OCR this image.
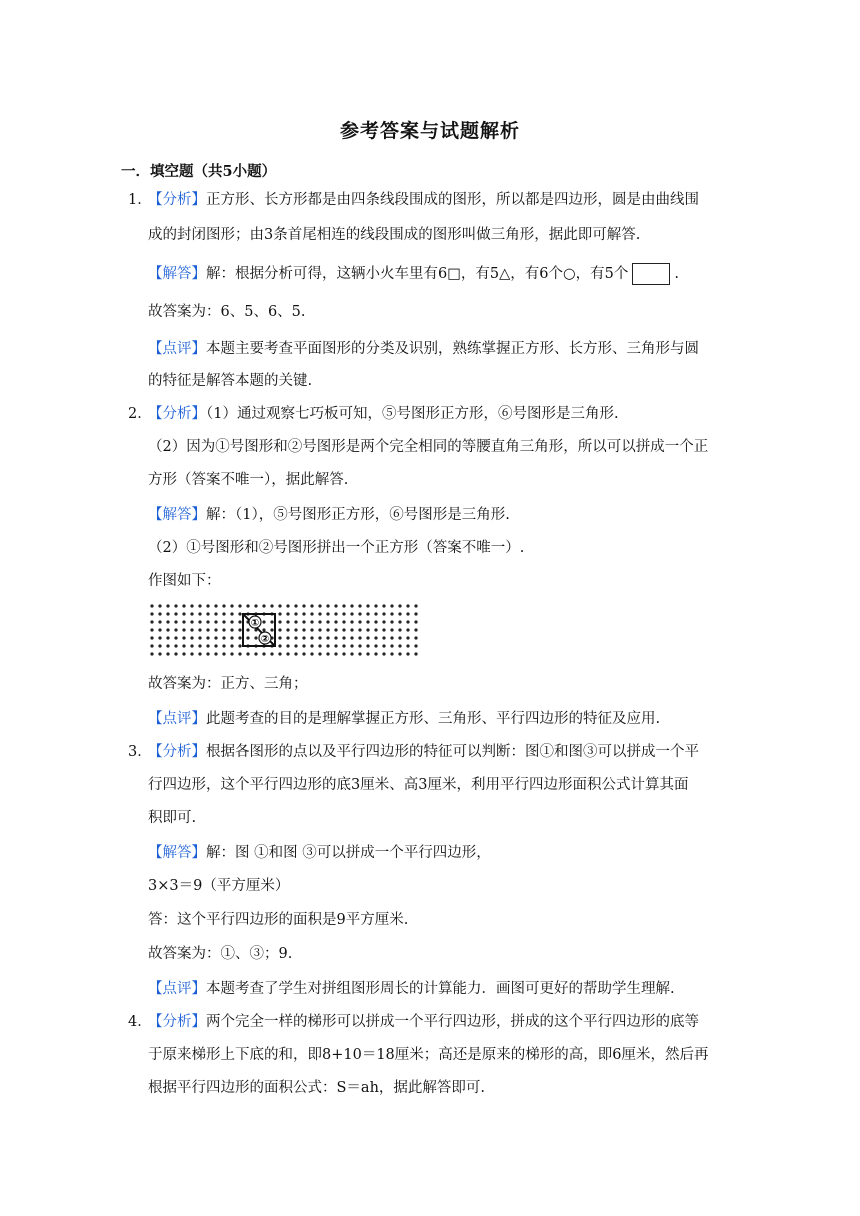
参考答案与试题解析
一．填空题（共5小题）
1．【分析】正方形、长方形都是由四条线段围成的图形，所以都是四边形，圆是由曲线围
成的封闭图形；由3条首尾相连的线段围成的图形叫做三角形，据此即可解答.
【解答】解：根据分析可得，这辆小火车里有6□，有5△，有6个○，有5个	.
故答案为：6、5、6、5.
【点评】本题主要考查平面图形的分类及识别，熟练掌握正方形、长方形、三角形与圆
的特征是解答本题的关键.
2．【分析】（1）通过观察七巧板可知，⑤号图形正方形，⑥号图形是三角形.
（2）因为①号图形和②号图形是两个完全相同的等腰直角三角形，所以可以拼成一个正
方形（答案不唯一），据此解答.
【解答】解：（1），⑤号图形正方形，⑥号图形是三角形.
（2）①号图形和②号图形拼出一个正方形（答案不唯一）.
作图如下：
①
②
故答案为：正方、三角；
【点评】此题考查的目的是理解掌握正方形、三角形、平行四边形的特征及应用.
3．【分析】根据各图形的点以及平行四边形的特征可以判断：图①和图③可以拼成一个平
行四边形，这个平行四边形的底3厘米、高3厘米，利用平行四边形面积公式计算其面
积即可.
【解答】解：图 ①和图 ③可以拼成一个平行四边形，
3×3＝9（平方厘米）
答：这个平行四边形的面积是9平方厘米.
故答案为：①、③；9.
【点评】本题考查了学生对拼组图形周长的计算能力．画图可更好的帮助学生理解.
4．【分析】两个完全一样的梯形可以拼成一个平行四边形，拼成的这个平行四边形的底等
于原来梯形上下底的和，即8+10＝18厘米；高还是原来的梯形的高，即6厘米，然后再
根据平行四边形的面积公式：S＝ah，据此解答即可.
